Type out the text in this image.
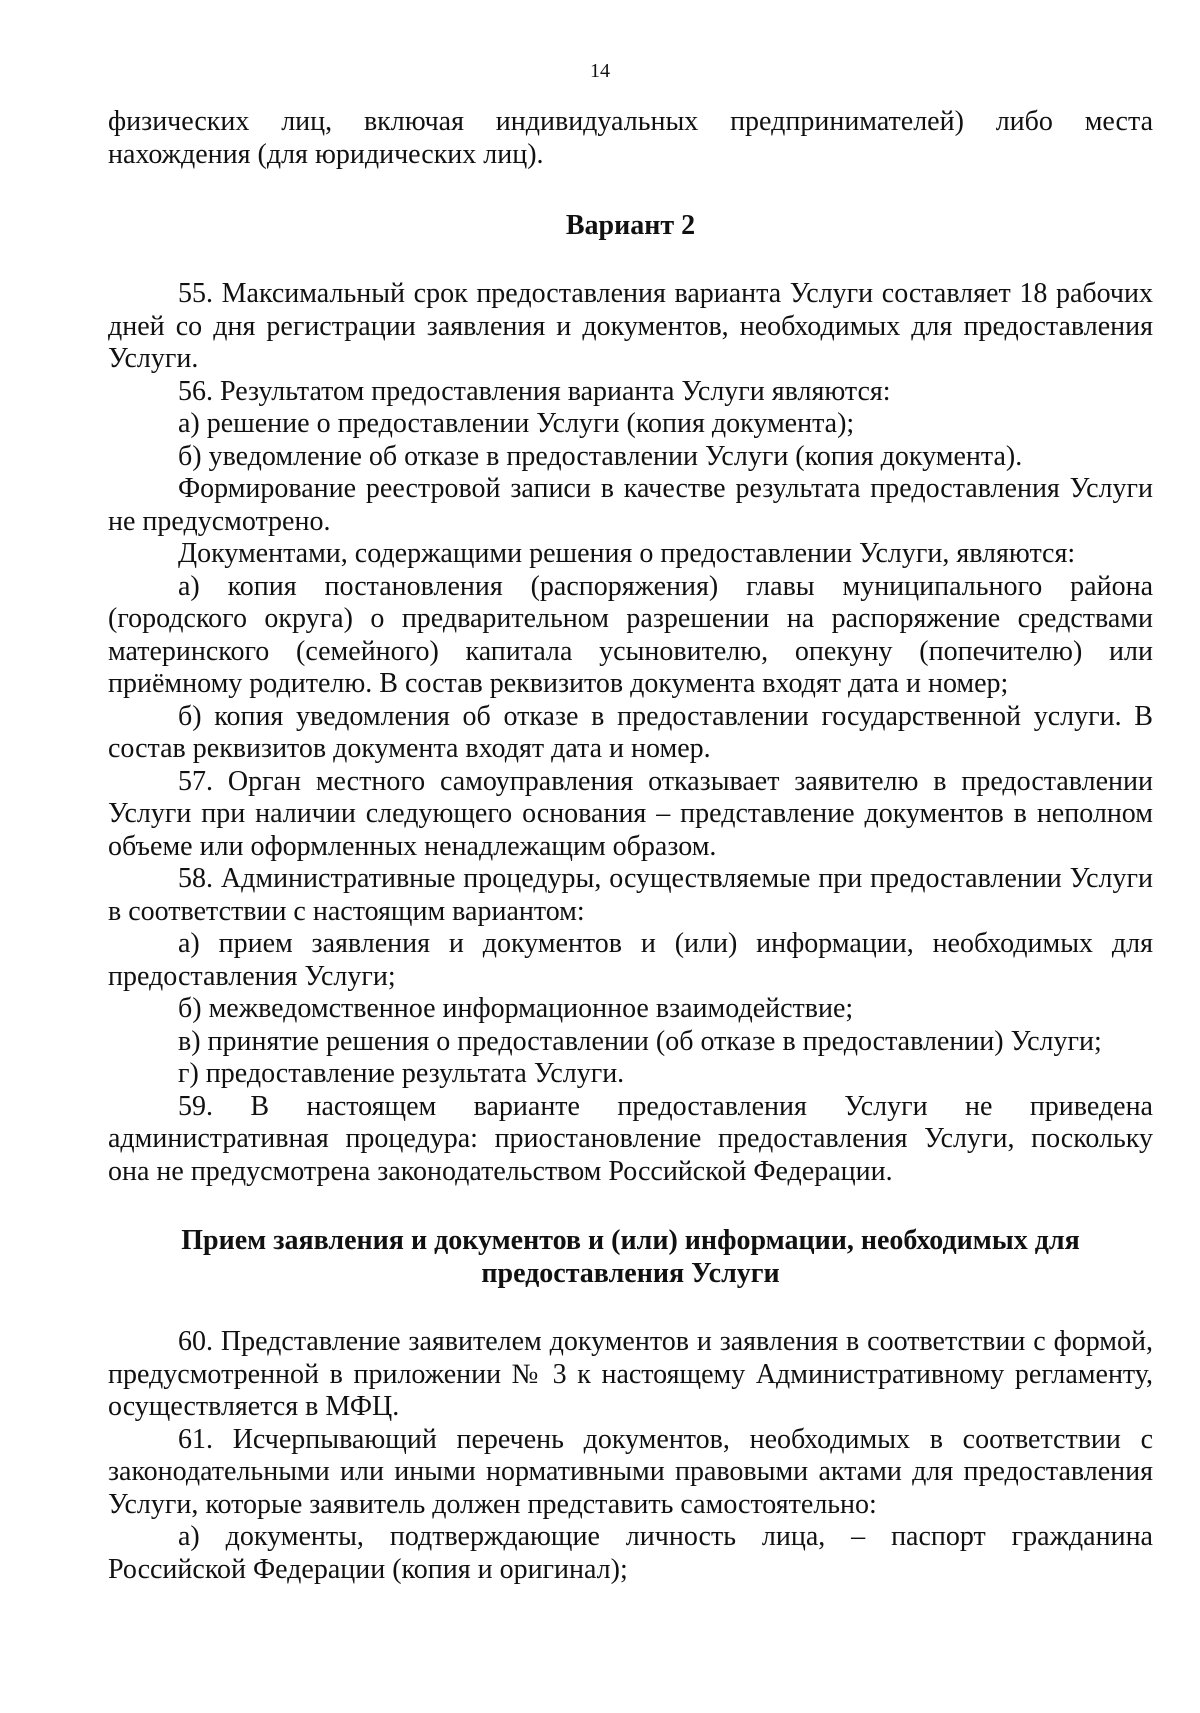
14

физических лиц, включая индивидуальных предпринимателей) либо места нахождения (для юридических лиц).

Вариант 2

55. Максимальный срок предоставления варианта Услуги составляет 18 рабочих дней со дня регистрации заявления и документов, необходимых для предоставления Услуги.

56. Результатом предоставления варианта Услуги являются:

а) решение о предоставлении Услуги (копия документа);

б) уведомление об отказе в предоставлении Услуги (копия документа).

Формирование реестровой записи в качестве результата предоставления Услуги не предусмотрено.

Документами, содержащими решения о предоставлении Услуги, являются:

а) копия постановления (распоряжения) главы муниципального района (городского округа) о предварительном разрешении на распоряжение средствами материнского (семейного) капитала усыновителю, опекуну (попечителю) или приёмному родителю. В состав реквизитов документа входят дата и номер;

б) копия уведомления об отказе в предоставлении государственной услуги. В состав реквизитов документа входят дата и номер.

57. Орган местного самоуправления отказывает заявителю в предоставлении Услуги при наличии следующего основания – представление документов в неполном объеме или оформленных ненадлежащим образом.

58. Административные процедуры, осуществляемые при предоставлении Услуги в соответствии с настоящим вариантом:

а) прием заявления и документов и (или) информации, необходимых для предоставления Услуги;

б) межведомственное информационное взаимодействие;

в) принятие решения о предоставлении (об отказе в предоставлении) Услуги;

г) предоставление результата Услуги.

59. В настоящем варианте предоставления Услуги не приведена административная процедура: приостановление предоставления Услуги, поскольку она не предусмотрена законодательством Российской Федерации.

Прием заявления и документов и (или) информации, необходимых для предоставления Услуги

60. Представление заявителем документов и заявления в соответствии с формой, предусмотренной в приложении № 3 к настоящему Административному регламенту, осуществляется в МФЦ.

61. Исчерпывающий перечень документов, необходимых в соответствии с законодательными или иными нормативными правовыми актами для предоставления Услуги, которые заявитель должен представить самостоятельно:

а) документы, подтверждающие личность лица, – паспорт гражданина Российской Федерации (копия и оригинал);
